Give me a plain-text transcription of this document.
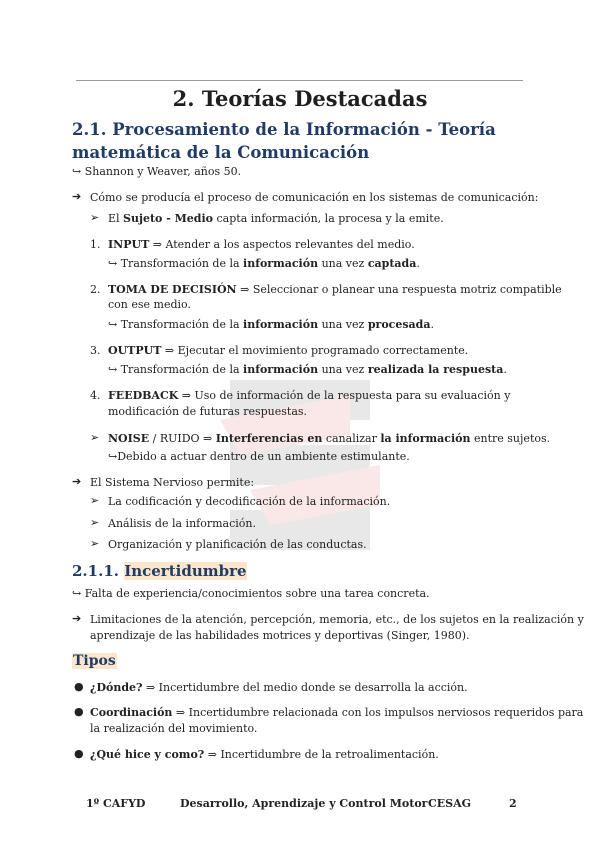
2. Teorías Destacadas
2.1. Procesamiento de la Información - Teoría matemática de la Comunicación
↪ Shannon y Weaver, años 50.
➔ Cómo se producía el proceso de comunicación en los sistemas de comunicación:
➢ El Sujeto - Medio capta información, la procesa y la emite.
1. INPUT ⇒ Atender a los aspectos relevantes del medio.
↪ Transformación de la información una vez captada.
2. TOMA DE DECISIÓN ⇒ Seleccionar o planear una respuesta motriz compatible
con ese medio.
↪ Transformación de la información una vez procesada.
3. OUTPUT ⇒ Ejecutar el movimiento programado correctamente.
↪ Transformación de la información una vez realizada la respuesta.
4. FEEDBACK ⇒ Uso de información de la respuesta para su evaluación y
modificación de futuras respuestas.
➢ NOISE / RUIDO ⇒ Interferencias en canalizar la información entre sujetos.
↪Debido a actuar dentro de un ambiente estimulante.
➔ El Sistema Nervioso permite:
➢ La codificación y decodificación de la información.
➢ Análisis de la información.
➢ Organización y planificación de las conductas.
2.1.1. Incertidumbre
↪ Falta de experiencia/conocimientos sobre una tarea concreta.
➔ Limitaciones de la atención, percepción, memoria, etc., de los sujetos en la realización y
aprendizaje de las habilidades motrices y deportivas (Singer, 1980).
Tipos
● ¿Dónde? ⇒ Incertidumbre del medio donde se desarrolla la acción.
● Coordinación ⇒ Incertidumbre relacionada con los impulsos nerviosos requeridos para
la realización del movimiento.
● ¿Qué hice y como? ⇒ Incertidumbre de la retroalimentación.
1º CAFYD	Desarrollo, Aprendizaje y Control Motor CESAG	2
